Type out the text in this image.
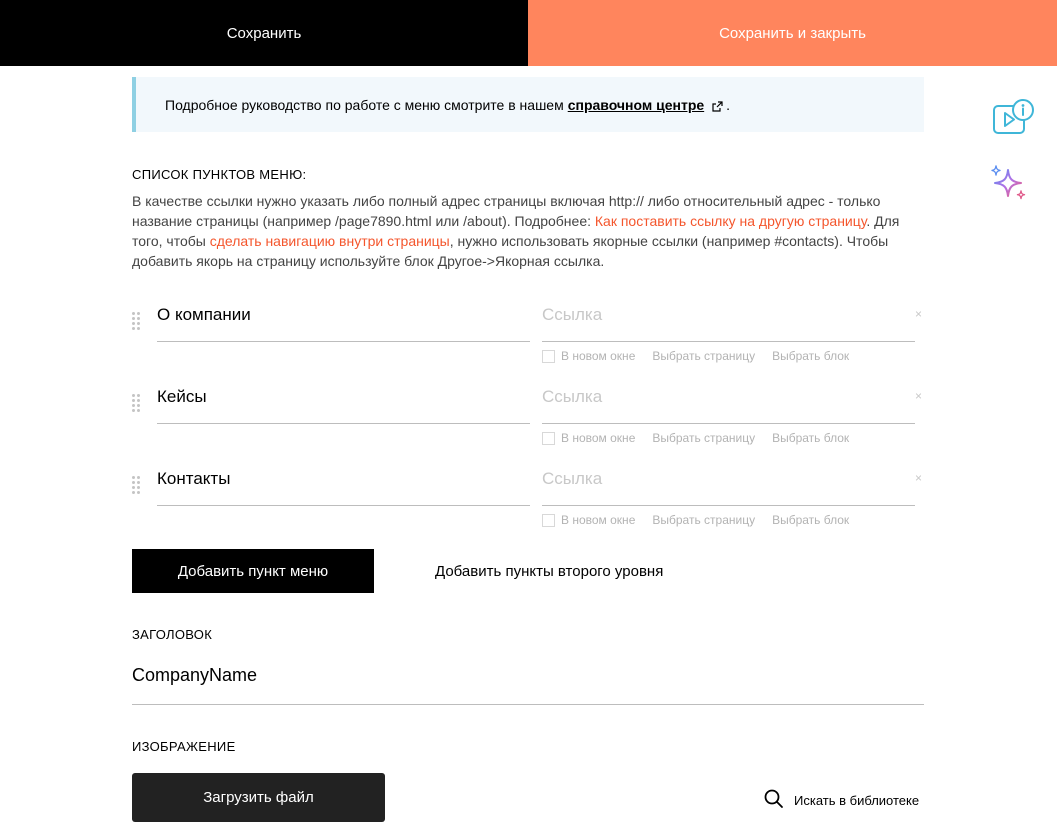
Сохранить	Сохранить и закрыть
Подробное руководство по работе с меню смотрите в нашем справочном центре .
СПИСОК ПУНКТОВ МЕНЮ:
В качестве ссылки нужно указать либо полный адрес страницы включая http:// либо относительный адрес - только название страницы (например /page7890.html или /about). Подробнее: Как поставить ссылку на другую страницу. Для того, чтобы сделать навигацию внутри страницы, нужно использовать якорные ссылки (например #contacts). Чтобы добавить якорь на страницу используйте блок Другое->Якорная ссылка.
О компании	Ссылка	×
В новом окне Выбрать страницу Выбрать блок
Кейсы	Ссылка	×
В новом окне Выбрать страницу Выбрать блок
Контакты	Ссылка	×
В новом окне Выбрать страницу Выбрать блок
Добавить пункт меню	Добавить пункты второго уровня
ЗАГОЛОВОК
CompanyName
ИЗОБРАЖЕНИЕ
Загрузить файл	Искать в библиотеке
